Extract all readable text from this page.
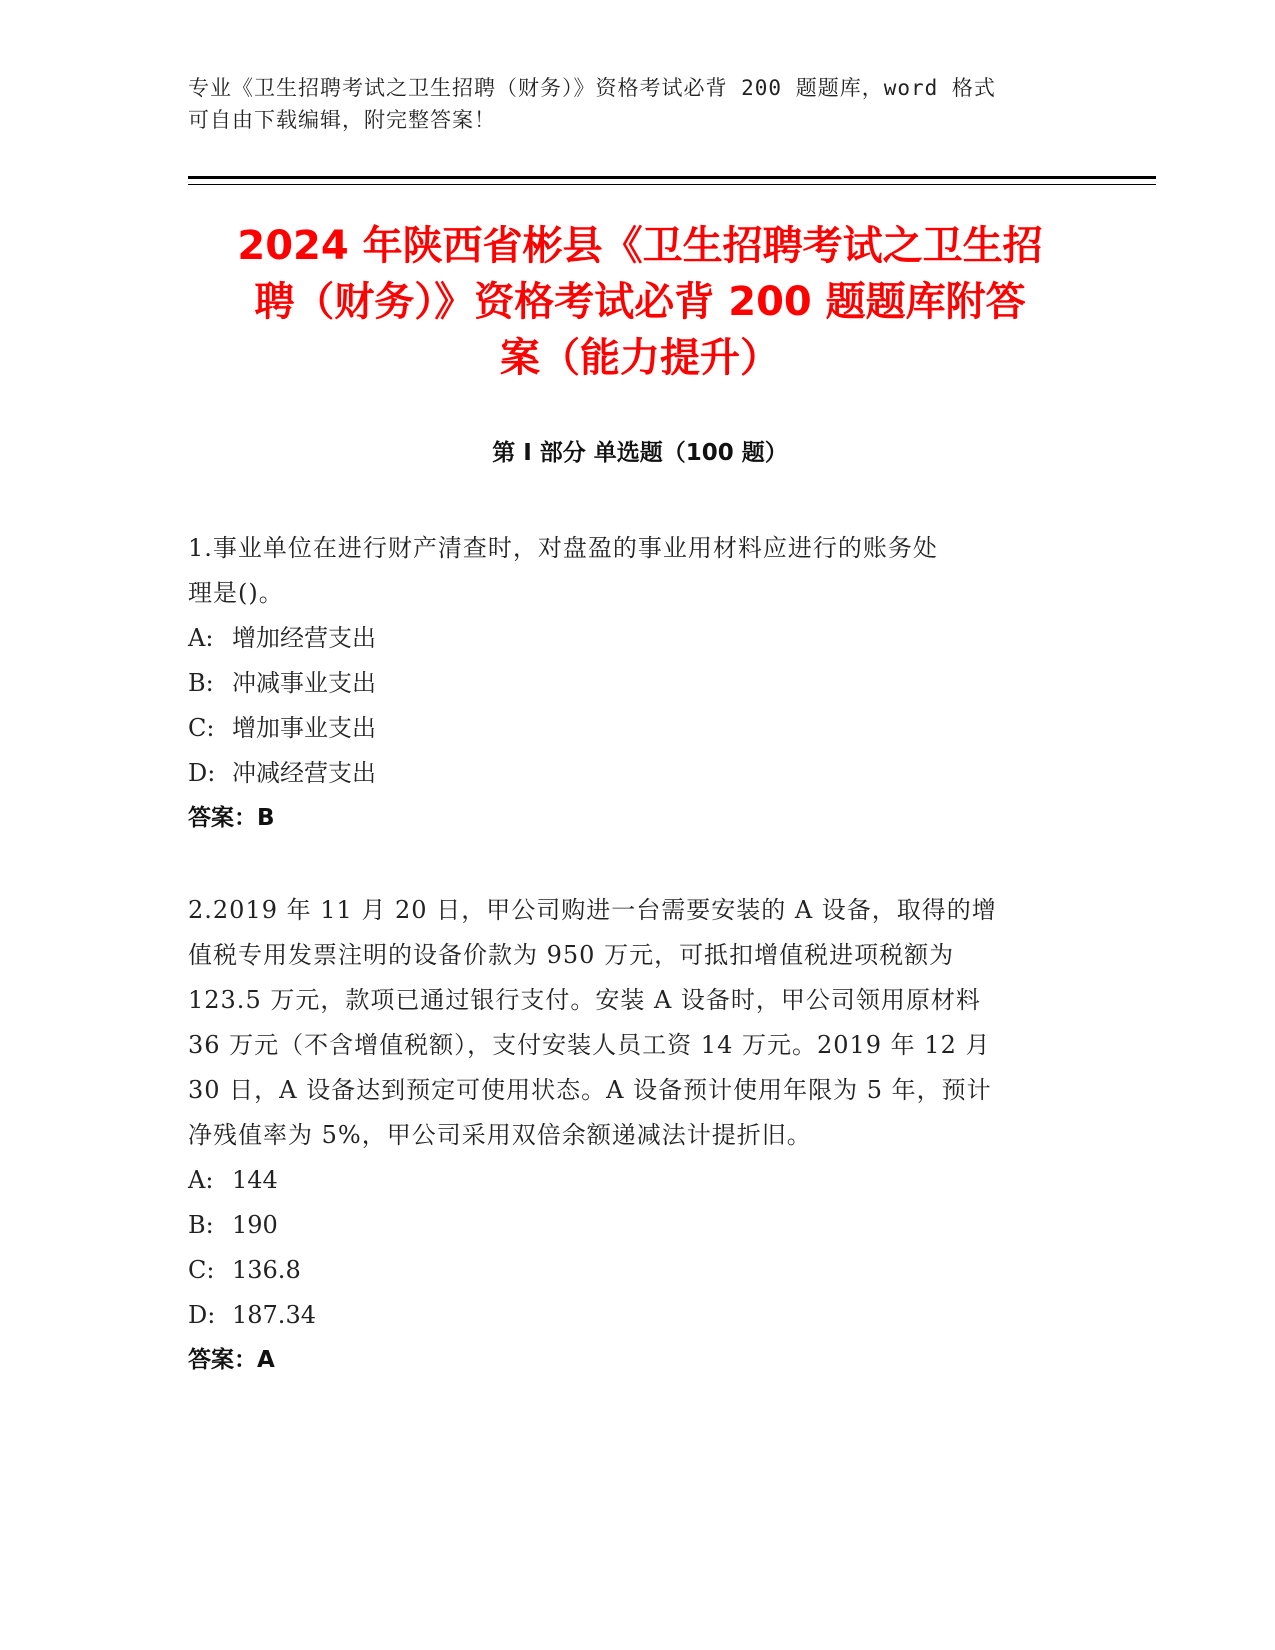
专业《卫生招聘考试之卫生招聘（财务）》资格考试必背 200 题题库，word 格式
可自由下载编辑，附完整答案！
2024 年陕西省彬县《卫生招聘考试之卫生招
聘（财务）》资格考试必背 200 题题库附答
案（能力提升）
第 I 部分 单选题（100 题）
1.事业单位在进行财产清查时，对盘盈的事业用材料应进行的账务处
理是()。
A: 增加经营支出
B: 冲减事业支出
C: 增加事业支出
D: 冲减经营支出
答案：B
2.2019 年 11 月 20 日，甲公司购进一台需要安装的 A 设备，取得的增
值税专用发票注明的设备价款为 950 万元，可抵扣增值税进项税额为
123.5 万元，款项已通过银行支付。安装 A 设备时，甲公司领用原材料
36 万元（不含增值税额），支付安装人员工资 14 万元。2019 年 12 月
30 日，A 设备达到预定可使用状态。A 设备预计使用年限为 5 年，预计
净残值率为 5%，甲公司采用双倍余额递减法计提折旧。
A: 144
B: 190
C: 136.8
D: 187.34
答案：A
